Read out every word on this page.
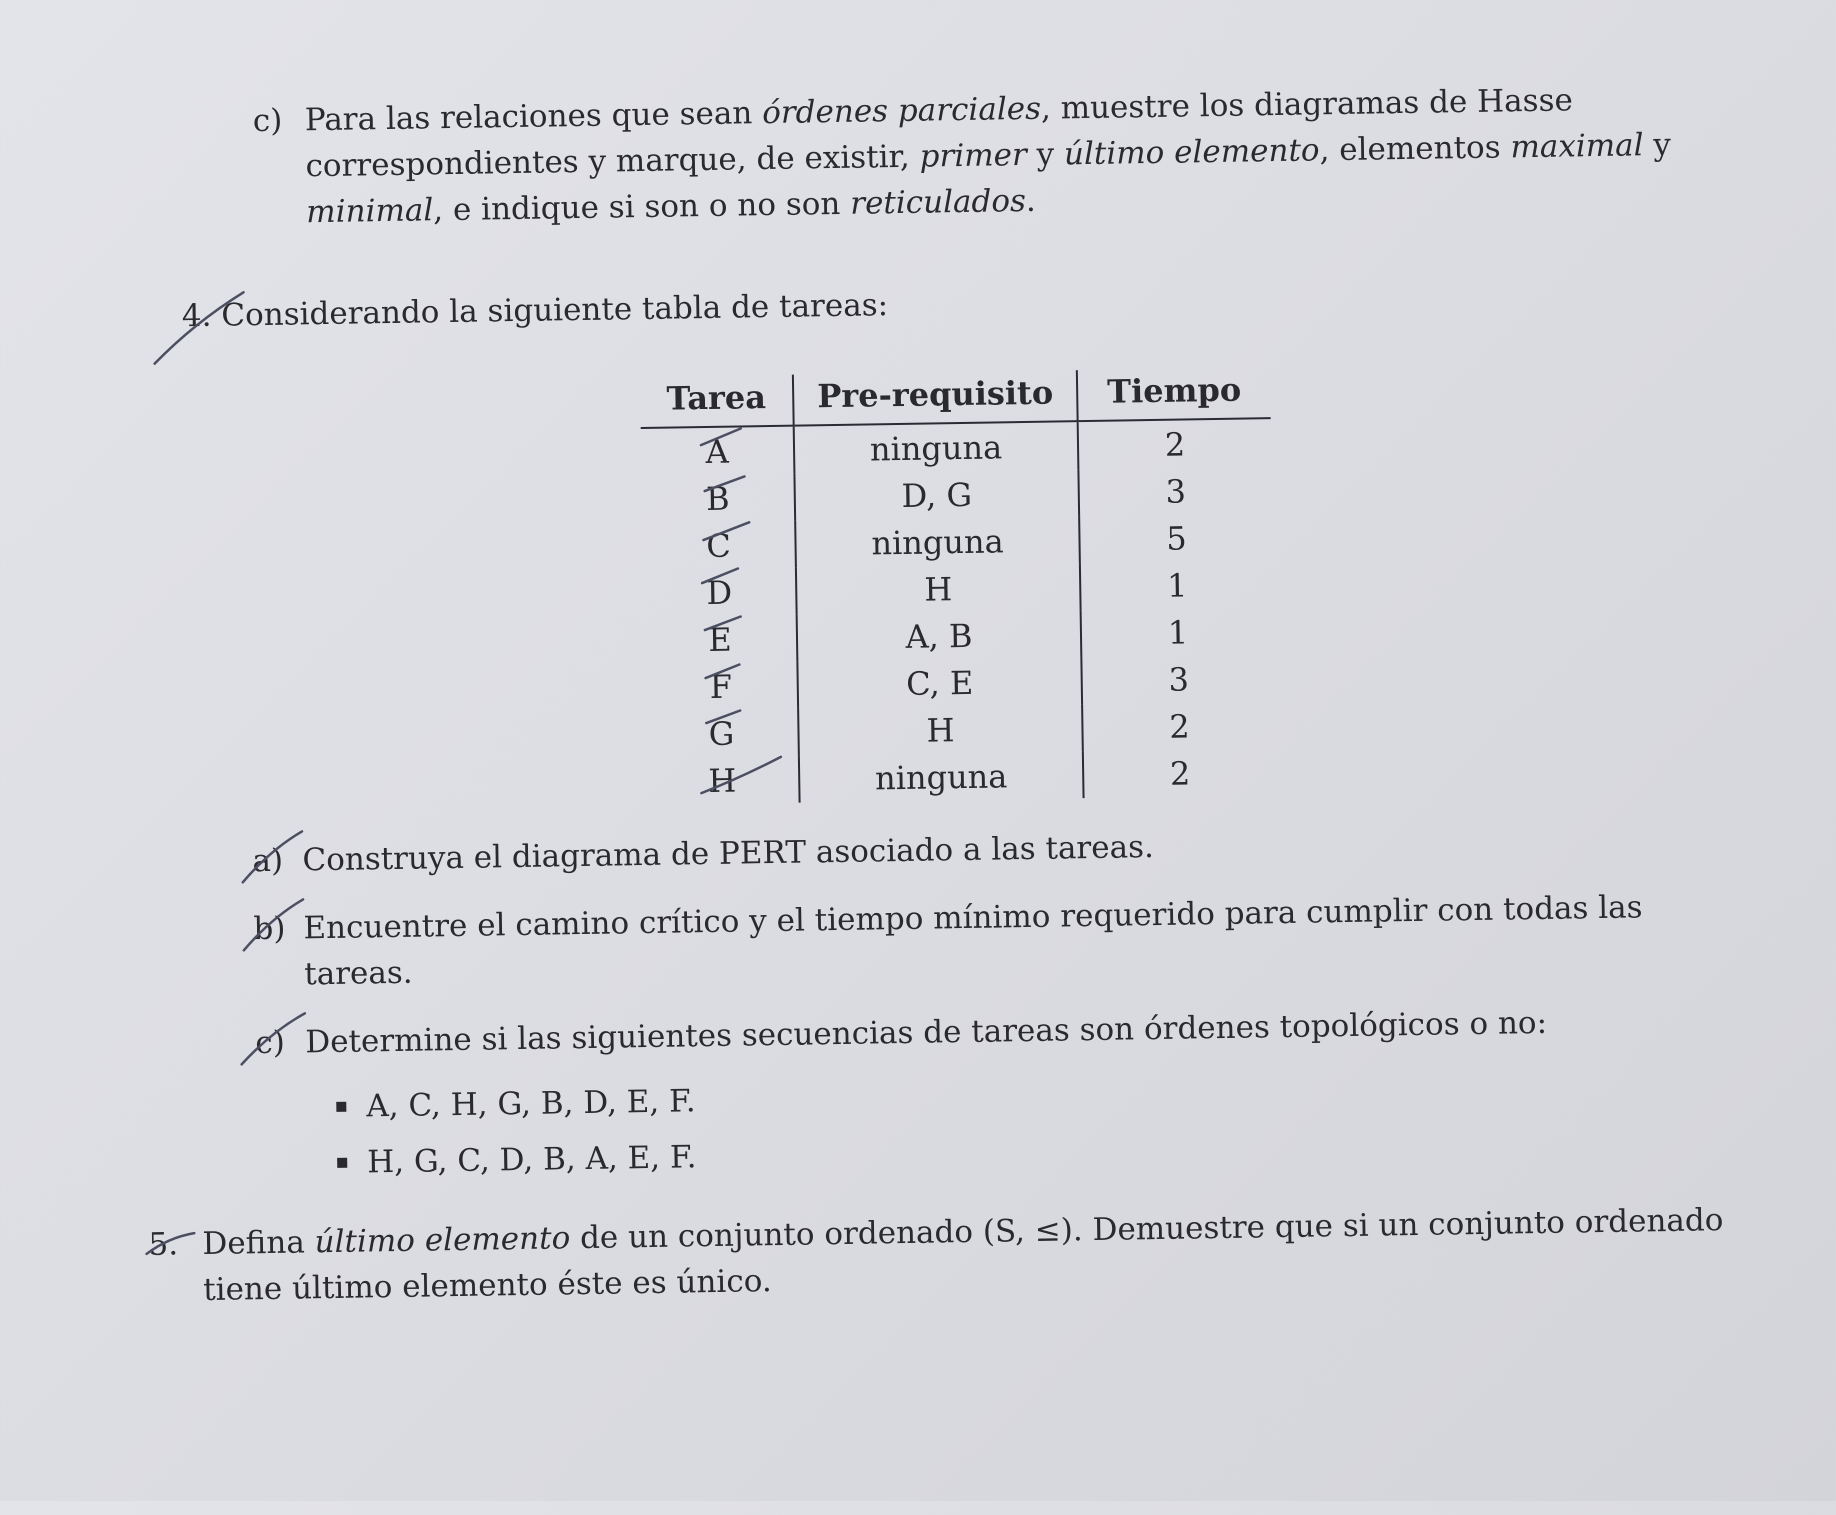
c) Para las relaciones que sean órdenes parciales, muestre los diagramas de Hasse correspondientes y marque, de existir, primer y último elemento, elementos maximal y minimal, e indique si son o no son reticulados.
4. Considerando la siguiente tabla de tareas:
Tarea	Pre-requisito	Tiempo
A	ninguna	2
B	D, G	3
C	ninguna	5
D	H	1
E	A, B	1
F	C, E	3
G	H	2
H	ninguna	2
a) Construya el diagrama de PERT asociado a las tareas.
b) Encuentre el camino crítico y el tiempo mínimo requerido para cumplir con todas las tareas.
c) Determine si las siguientes secuencias de tareas son órdenes topológicos o no:
A, C, H, G, B, D, E, F.
H, G, C, D, B, A, E, F.
5. Defina último elemento de un conjunto ordenado (S, ≤). Demuestre que si un conjunto ordenado tiene último elemento éste es único.
